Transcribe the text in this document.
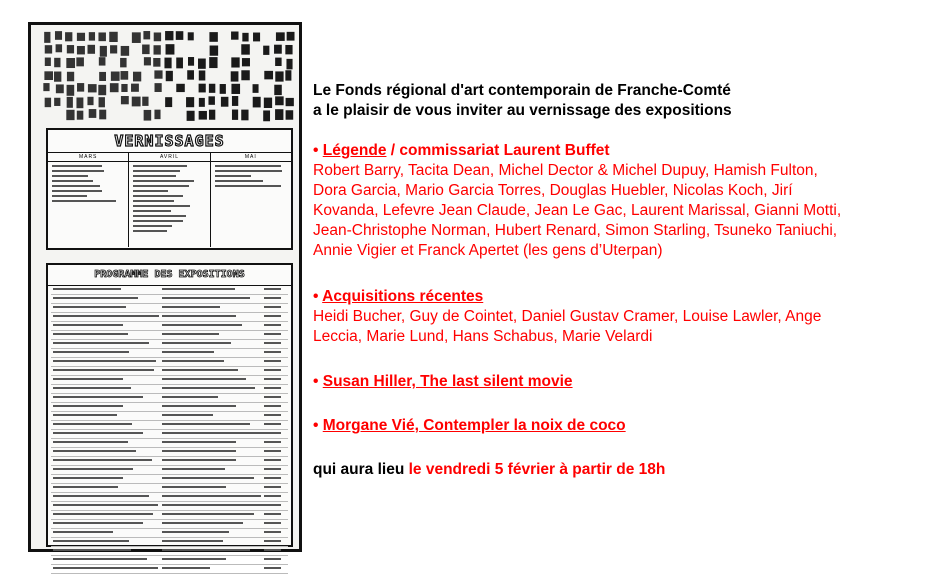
VERNISSAGES
MARS	AVRIL	MAI
PROGRAMME DES EXPOSITIONS
Le Fonds régional d'art contemporain de Franche-Comté
a le plaisir de vous inviter au vernissage des expositions
• Légende / commissariat Laurent Buffet
Robert Barry, Tacita Dean, Michel Dector & Michel Dupuy, Hamish Fulton,
Dora Garcia, Mario Garcia Torres, Douglas Huebler, Nicolas Koch, Jirí
Kovanda, Lefevre Jean Claude, Jean Le Gac, Laurent Marissal, Gianni Motti,
Jean-Christophe Norman, Hubert Renard, Simon Starling, Tsuneko Taniuchi,
Annie Vigier et Franck Apertet (les gens d’Uterpan)
• Acquisitions récentes
Heidi Bucher, Guy de Cointet, Daniel Gustav Cramer, Louise Lawler, Ange
Leccia, Marie Lund, Hans Schabus, Marie Velardi
• Susan Hiller, The last silent movie
• Morgane Vié, Contempler la noix de coco
qui aura lieu le vendredi 5 février à partir de 18h
